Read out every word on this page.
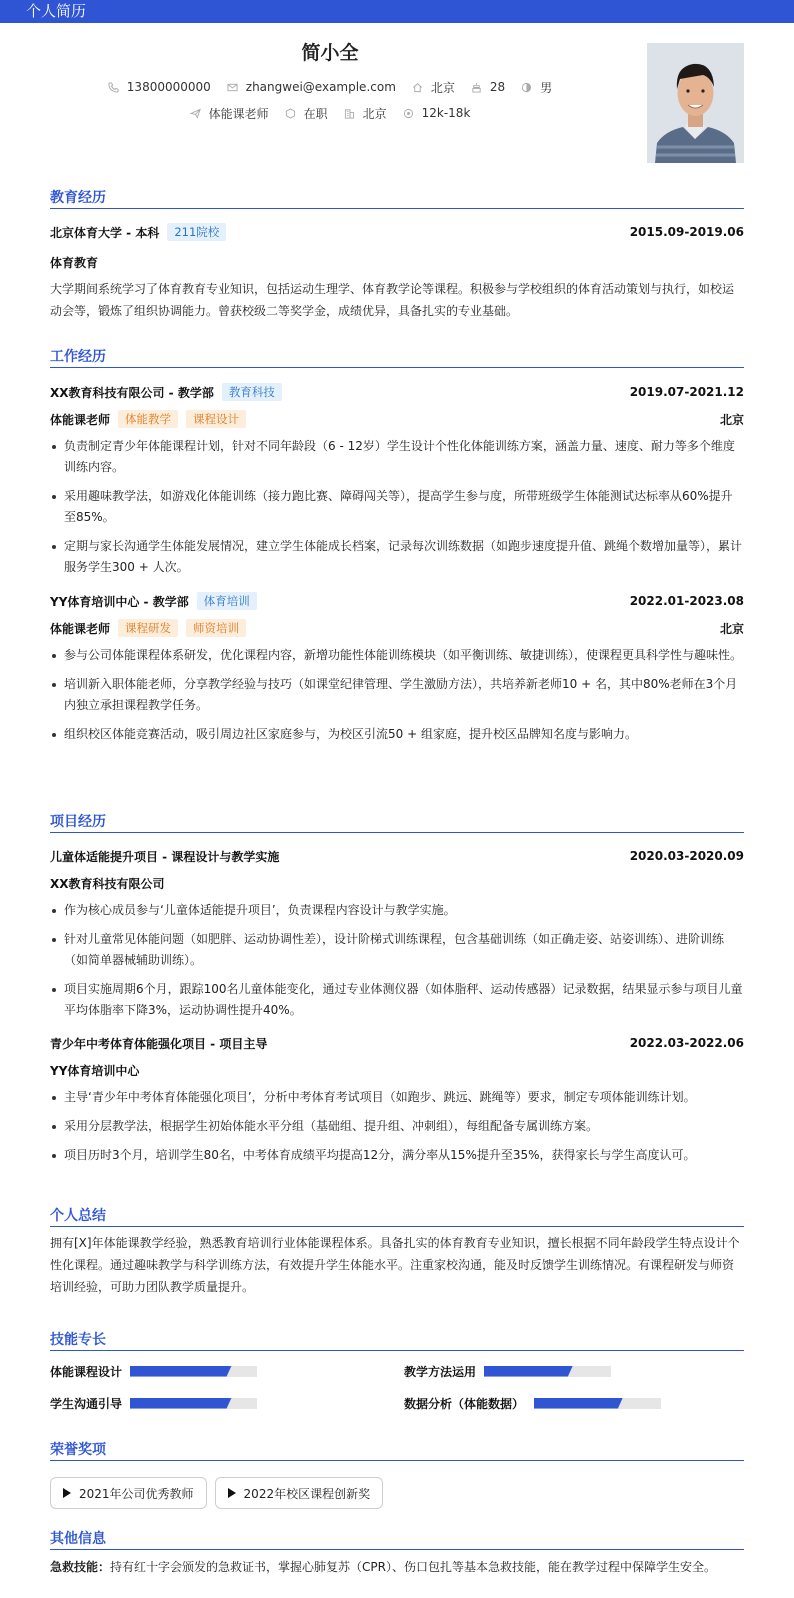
个人简历
简小全
13800000000	zhangwei@example.com	北京	28	男
体能课老师	在职	北京	12k-18k
教育经历
北京体育大学 - 本科	211院校	2015.09-2019.06
体育教育
大学期间系统学习了体育教育专业知识，包括运动生理学、体育教学论等课程。积极参与学校组织的体育活动策划与执行，如校运动会等，锻炼了组织协调能力。曾获校级二等奖学金，成绩优异，具备扎实的专业基础。
工作经历
XX教育科技有限公司 - 教学部	教育科技	2019.07-2021.12
体能课老师	体能教学	课程设计	北京
负责制定青少年体能课程计划，针对不同年龄段（6 - 12岁）学生设计个性化体能训练方案，涵盖力量、速度、耐力等多个维度训练内容。
采用趣味教学法，如游戏化体能训练（接力跑比赛、障碍闯关等），提高学生参与度，所带班级学生体能测试达标率从60%提升至85%。
定期与家长沟通学生体能发展情况，建立学生体能成长档案，记录每次训练数据（如跑步速度提升值、跳绳个数增加量等），累计服务学生300 + 人次。
YY体育培训中心 - 教学部	体育培训	2022.01-2023.08
体能课老师	课程研发	师资培训	北京
参与公司体能课程体系研发，优化课程内容，新增功能性体能训练模块（如平衡训练、敏捷训练），使课程更具科学性与趣味性。
培训新入职体能老师，分享教学经验与技巧（如课堂纪律管理、学生激励方法），共培养新老师10 + 名，其中80%老师在3个月内独立承担课程教学任务。
组织校区体能竞赛活动，吸引周边社区家庭参与，为校区引流50 + 组家庭，提升校区品牌知名度与影响力。
项目经历
儿童体适能提升项目 - 课程设计与教学实施	2020.03-2020.09
XX教育科技有限公司
作为核心成员参与‘儿童体适能提升项目’，负责课程内容设计与教学实施。
针对儿童常见体能问题（如肥胖、运动协调性差），设计阶梯式训练课程，包含基础训练（如正确走姿、站姿训练）、进阶训练（如简单器械辅助训练）。
项目实施周期6个月，跟踪100名儿童体能变化，通过专业体测仪器（如体脂秤、运动传感器）记录数据，结果显示参与项目儿童平均体脂率下降3%，运动协调性提升40%。
青少年中考体育体能强化项目 - 项目主导	2022.03-2022.06
YY体育培训中心
主导‘青少年中考体育体能强化项目’，分析中考体育考试项目（如跑步、跳远、跳绳等）要求，制定专项体能训练计划。
采用分层教学法，根据学生初始体能水平分组（基础组、提升组、冲刺组），每组配备专属训练方案。
项目历时3个月，培训学生80名，中考体育成绩平均提高12分，满分率从15%提升至35%，获得家长与学生高度认可。
个人总结
拥有[X]年体能课教学经验，熟悉教育培训行业体能课程体系。具备扎实的体育教育专业知识，擅长根据不同年龄段学生特点设计个性化课程。通过趣味教学与科学训练方法，有效提升学生体能水平。注重家校沟通，能及时反馈学生训练情况。有课程研发与师资培训经验，可助力团队教学质量提升。
技能专长
体能课程设计	教学方法运用
学生沟通引导	数据分析（体能数据）
荣誉奖项
2021年公司优秀教师	2022年校区课程创新奖
其他信息
急救技能：持有红十字会颁发的急救证书，掌握心肺复苏（CPR）、伤口包扎等基本急救技能，能在教学过程中保障学生安全。
